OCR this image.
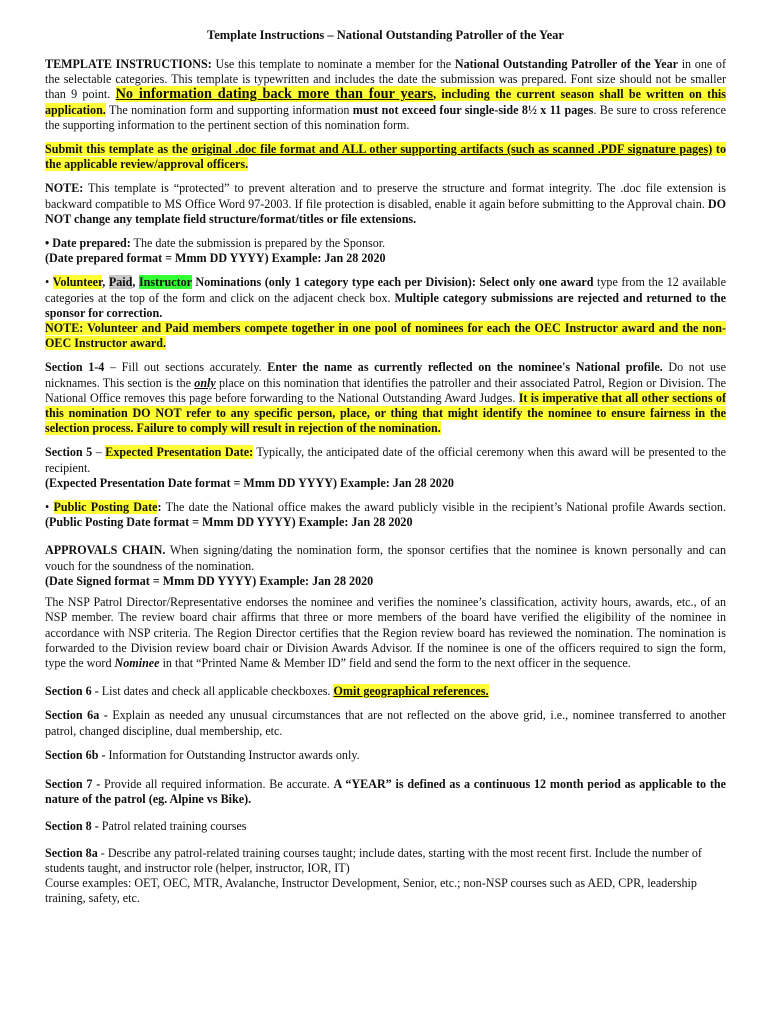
Template Instructions – National Outstanding Patroller of the Year

TEMPLATE INSTRUCTIONS: Use this template to nominate a member for the National Outstanding Patroller of the Year in one of the selectable categories. This template is typewritten and includes the date the submission was prepared. Font size should not be smaller than 9 point. No information dating back more than four years, including the current season shall be written on this application. The nomination form and supporting information must not exceed four single-side 8½ x 11 pages. Be sure to cross reference the supporting information to the pertinent section of this nomination form.

Submit this template as the original .doc file format and ALL other supporting artifacts (such as scanned .PDF signature pages) to the applicable review/approval officers.

NOTE: This template is “protected” to prevent alteration and to preserve the structure and format integrity. The .doc file extension is backward compatible to MS Office Word 97-2003. If file protection is disabled, enable it again before submitting to the Approval chain. DO NOT change any template field structure/format/titles or file extensions.

• Date prepared: The date the submission is prepared by the Sponsor.
(Date prepared format = Mmm DD YYYY) Example: Jan 28 2020

• Volunteer, Paid, Instructor Nominations (only 1 category type each per Division): Select only one award type from the 12 available categories at the top of the form and click on the adjacent check box. Multiple category submissions are rejected and returned to the sponsor for correction.
NOTE: Volunteer and Paid members compete together in one pool of nominees for each the OEC Instructor award and the non-OEC Instructor award.

Section 1-4 – Fill out sections accurately. Enter the name as currently reflected on the nominee's National profile. Do not use nicknames. This section is the only place on this nomination that identifies the patroller and their associated Patrol, Region or Division. The National Office removes this page before forwarding to the National Outstanding Award Judges. It is imperative that all other sections of this nomination DO NOT refer to any specific person, place, or thing that might identify the nominee to ensure fairness in the selection process. Failure to comply will result in rejection of the nomination.

Section 5 – Expected Presentation Date: Typically, the anticipated date of the official ceremony when this award will be presented to the recipient.
(Expected Presentation Date format = Mmm DD YYYY) Example: Jan 28 2020

• Public Posting Date: The date the National office makes the award publicly visible in the recipient’s National profile Awards section. (Public Posting Date format = Mmm DD YYYY) Example: Jan 28 2020

APPROVALS CHAIN. When signing/dating the nomination form, the sponsor certifies that the nominee is known personally and can vouch for the soundness of the nomination.
(Date Signed format = Mmm DD YYYY) Example: Jan 28 2020

The NSP Patrol Director/Representative endorses the nominee and verifies the nominee’s classification, activity hours, awards, etc., of an NSP member. The review board chair affirms that three or more members of the board have verified the eligibility of the nominee in accordance with NSP criteria. The Region Director certifies that the Region review board has reviewed the nomination. The nomination is forwarded to the Division review board chair or Division Awards Advisor. If the nominee is one of the officers required to sign the form, type the word Nominee in that “Printed Name & Member ID” field and send the form to the next officer in the sequence.

Section 6 - List dates and check all applicable checkboxes. Omit geographical references.

Section 6a - Explain as needed any unusual circumstances that are not reflected on the above grid, i.e., nominee transferred to another patrol, changed discipline, dual membership, etc.

Section 6b - Information for Outstanding Instructor awards only.

Section 7 - Provide all required information. Be accurate. A “YEAR” is defined as a continuous 12 month period as applicable to the nature of the patrol (eg. Alpine vs Bike).

Section 8 - Patrol related training courses

Section 8a - Describe any patrol-related training courses taught; include dates, starting with the most recent first. Include the number of students taught, and instructor role (helper, instructor, IOR, IT)
Course examples: OET, OEC, MTR, Avalanche, Instructor Development, Senior, etc.; non-NSP courses such as AED, CPR, leadership training, safety, etc.
